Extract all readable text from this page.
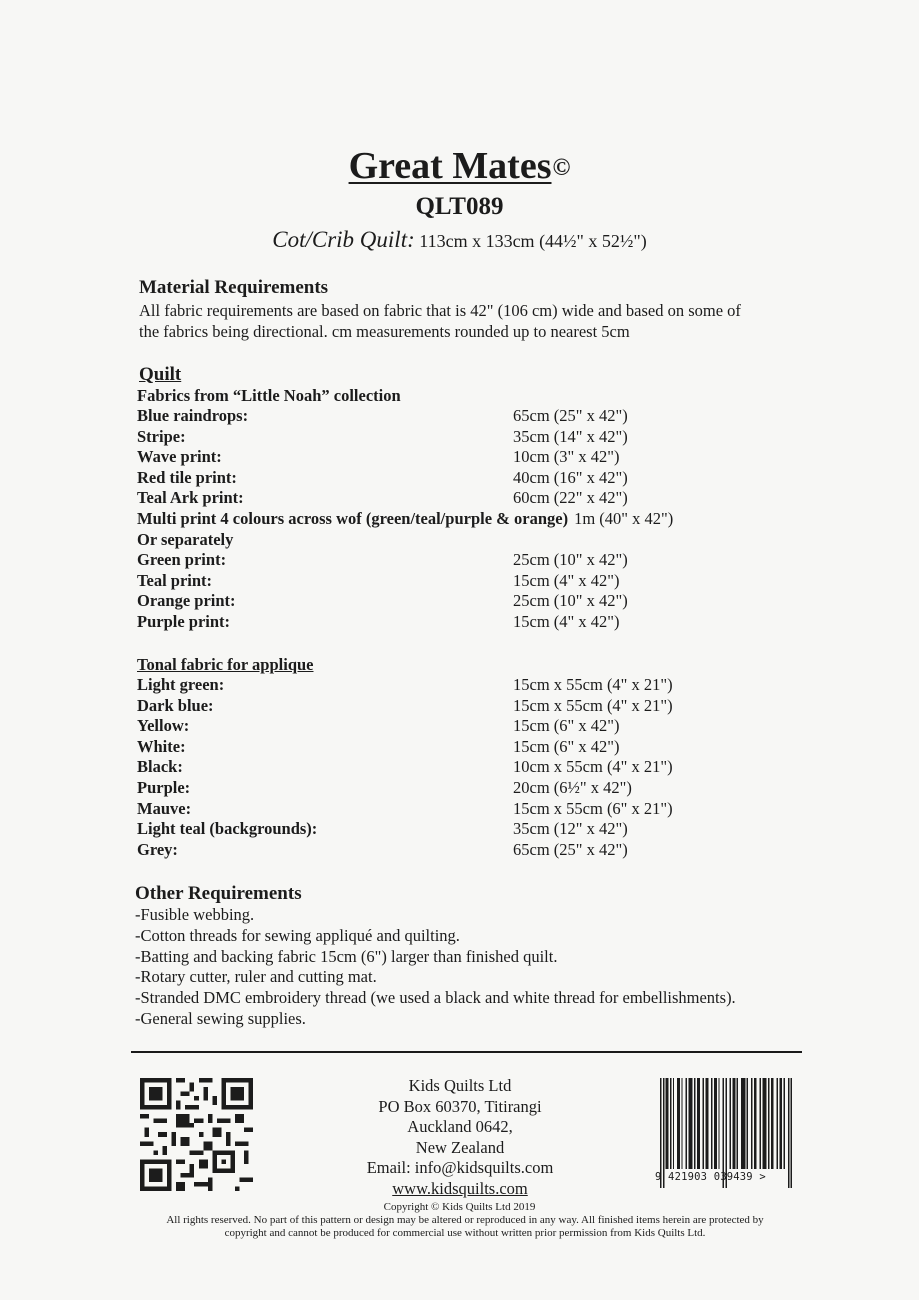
Great Mates©
QLT089
Cot/Crib Quilt: 113cm x 133cm (44½" x 52½")
Material Requirements
All fabric requirements are based on fabric that is 42" (106 cm) wide and based on some of
the fabrics being directional. cm measurements rounded up to nearest 5cm
Quilt
Fabrics from “Little Noah” collection
Blue raindrops:	65cm (25" x 42")
Stripe:	35cm (14" x 42")
Wave print:	10cm (3" x 42")
Red tile print:	40cm (16" x 42")
Teal Ark print:	60cm (22" x 42")
Multi print 4 colours across wof (green/teal/purple & orange) 1m (40" x 42")
Or separately
Green print:	25cm (10" x 42")
Teal print:	15cm (4" x 42")
Orange print:	25cm (10" x 42")
Purple print:	15cm (4" x 42")
Tonal fabric for applique
Light green:	15cm x 55cm (4" x 21")
Dark blue:	15cm x 55cm (4" x 21")
Yellow:	15cm (6" x 42")
White:	15cm (6" x 42")
Black:	10cm x 55cm (4" x 21")
Purple:	20cm (6½" x 42")
Mauve:	15cm x 55cm (6" x 21")
Light teal (backgrounds):	35cm (12" x 42")
Grey:	65cm (25" x 42")
Other Requirements
-Fusible webbing.
-Cotton threads for sewing appliqué and quilting.
-Batting and backing fabric 15cm (6") larger than finished quilt.
-Rotary cutter, ruler and cutting mat.
-Stranded DMC embroidery thread (we used a black and white thread for embellishments).
-General sewing supplies.
Kids Quilts Ltd
PO Box 60370, Titirangi
Auckland 0642,
New Zealand
Email: info@kidsquilts.com
www.kidsquilts.com
9 421903 039439 >
Copyright © Kids Quilts Ltd 2019
All rights reserved. No part of this pattern or design may be altered or reproduced in any way. All finished items herein are protected by
copyright and cannot be produced for commercial use without written prior permission from Kids Quilts Ltd.
